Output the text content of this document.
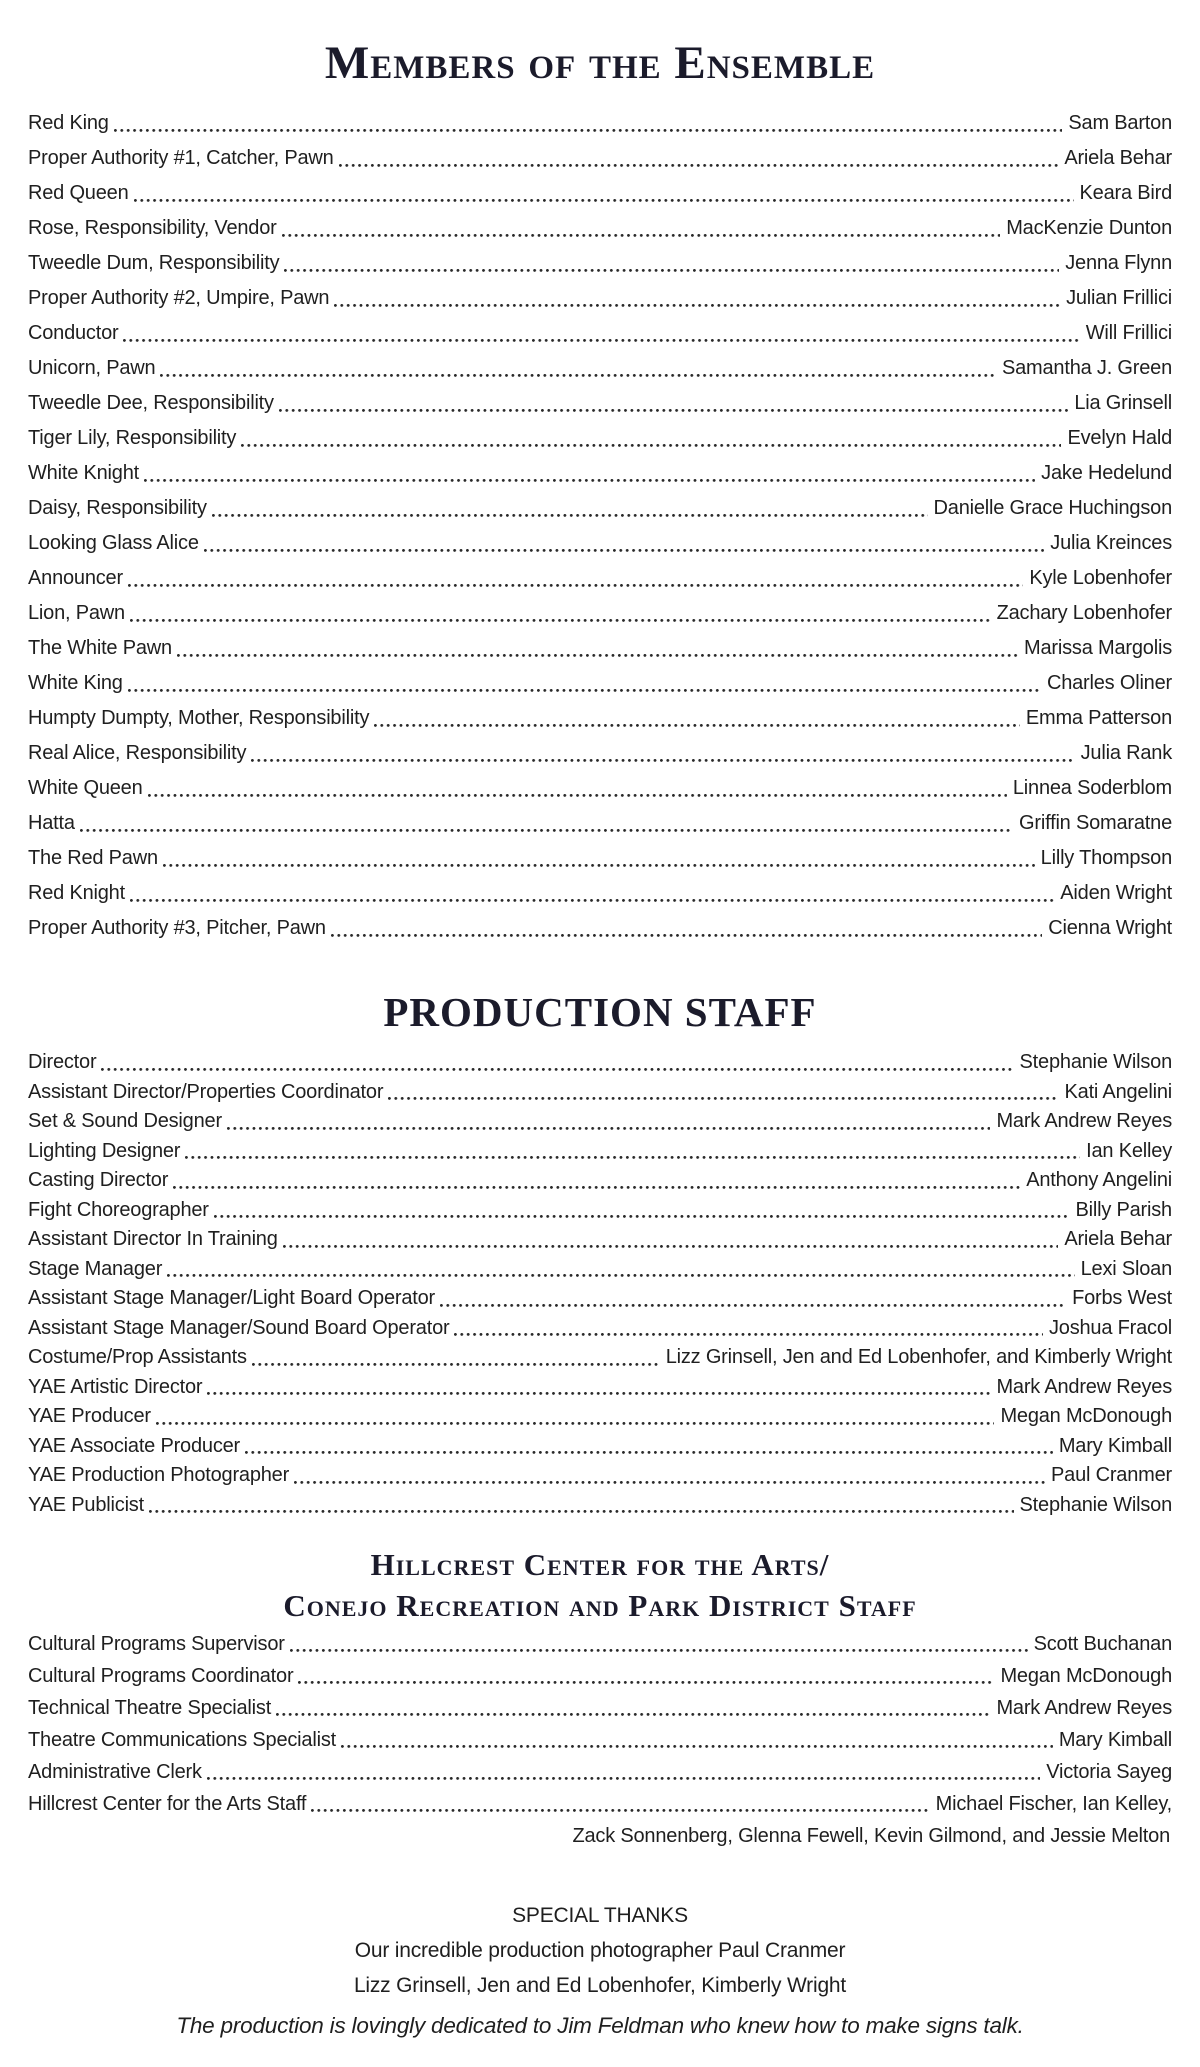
Members of the Ensemble
Red King	Sam Barton
Proper Authority #1, Catcher, Pawn	Ariela Behar
Red Queen	Keara Bird
Rose, Responsibility, Vendor	MacKenzie Dunton
Tweedle Dum, Responsibility	Jenna Flynn
Proper Authority #2, Umpire, Pawn	Julian Frillici
Conductor	Will Frillici
Unicorn, Pawn	Samantha J. Green
Tweedle Dee, Responsibility	Lia Grinsell
Tiger Lily, Responsibility	Evelyn Hald
White Knight	Jake Hedelund
Daisy, Responsibility	Danielle Grace Huchingson
Looking Glass Alice	Julia Kreinces
Announcer	Kyle Lobenhofer
Lion, Pawn	Zachary Lobenhofer
The White Pawn	Marissa Margolis
White King	Charles Oliner
Humpty Dumpty, Mother, Responsibility	Emma Patterson
Real Alice, Responsibility	Julia Rank
White Queen	Linnea Soderblom
Hatta	Griffin Somaratne
The Red Pawn	Lilly Thompson
Red Knight	Aiden Wright
Proper Authority #3, Pitcher, Pawn	Cienna Wright
PRODUCTION STAFF
Director	Stephanie Wilson
Assistant Director/Properties Coordinator	Kati Angelini
Set & Sound Designer	Mark Andrew Reyes
Lighting Designer	Ian Kelley
Casting Director	Anthony Angelini
Fight Choreographer	Billy Parish
Assistant Director In Training	Ariela Behar
Stage Manager	Lexi Sloan
Assistant Stage Manager/Light Board Operator	Forbs West
Assistant Stage Manager/Sound Board Operator	Joshua Fracol
Costume/Prop Assistants	Lizz Grinsell, Jen and Ed Lobenhofer, and Kimberly Wright
YAE Artistic Director	Mark Andrew Reyes
YAE Producer	Megan McDonough
YAE Associate Producer	Mary Kimball
YAE Production Photographer	Paul Cranmer
YAE Publicist	Stephanie Wilson
Hillcrest Center for the Arts/
Conejo Recreation and Park District Staff
Cultural Programs Supervisor	Scott Buchanan
Cultural Programs Coordinator	Megan McDonough
Technical Theatre Specialist	Mark Andrew Reyes
Theatre Communications Specialist	Mary Kimball
Administrative Clerk	Victoria Sayeg
Hillcrest Center for the Arts Staff	Michael Fischer, Ian Kelley,
Zack Sonnenberg, Glenna Fewell, Kevin Gilmond, and Jessie Melton
SPECIAL THANKS
Our incredible production photographer Paul Cranmer
Lizz Grinsell, Jen and Ed Lobenhofer, Kimberly Wright
The production is lovingly dedicated to Jim Feldman who knew how to make signs talk.
